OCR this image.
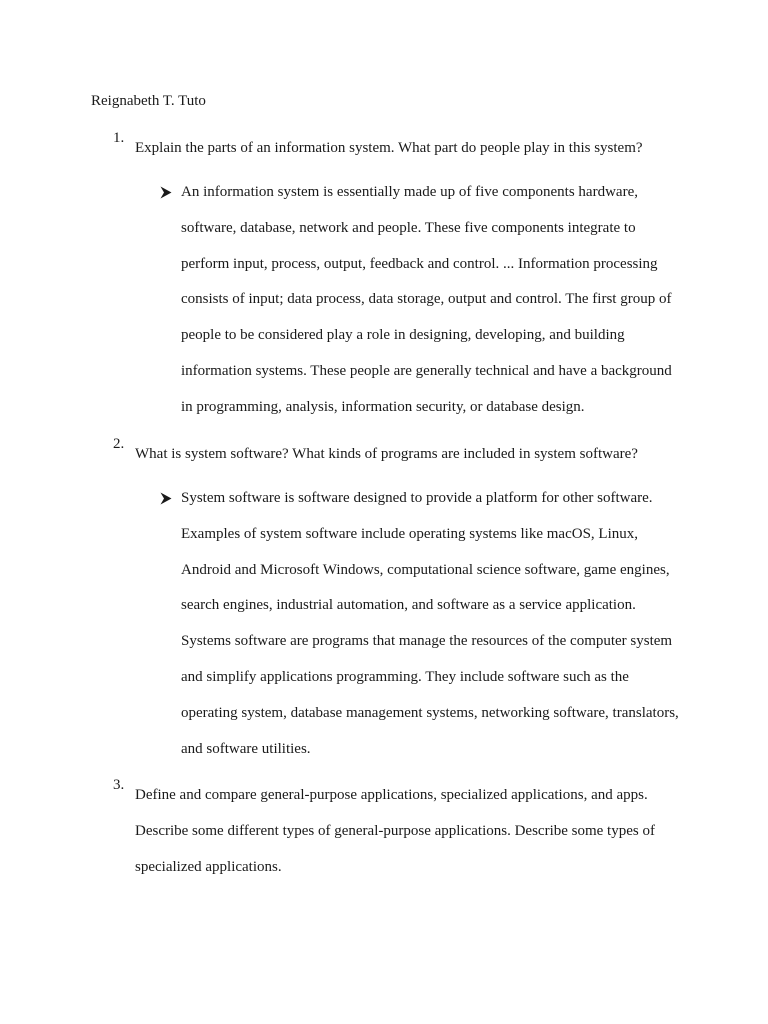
Reignabeth T. Tuto

1.
Explain the parts of an information system. What part do people play in this system?
An information system is essentially made up of five components hardware, software, database, network and people. These five components integrate to perform input, process, output, feedback and control. ... Information processing consists of input; data process, data storage, output and control. The first group of people to be considered play a role in designing, developing, and building information systems. These people are generally technical and have a background in programming, analysis, information security, or database design.
2.
What is system software? What kinds of programs are included in system software?
System software is software designed to provide a platform for other software. Examples of system software include operating systems like macOS, Linux, Android and Microsoft Windows, computational science software, game engines, search engines, industrial automation, and software as a service application. Systems software are programs that manage the resources of the computer system and simplify applications programming. They include software such as the operating system, database management systems, networking software, translators, and software utilities.
3.
Define and compare general-purpose applications, specialized applications, and apps. Describe some different types of general-purpose applications. Describe some types of specialized applications.
